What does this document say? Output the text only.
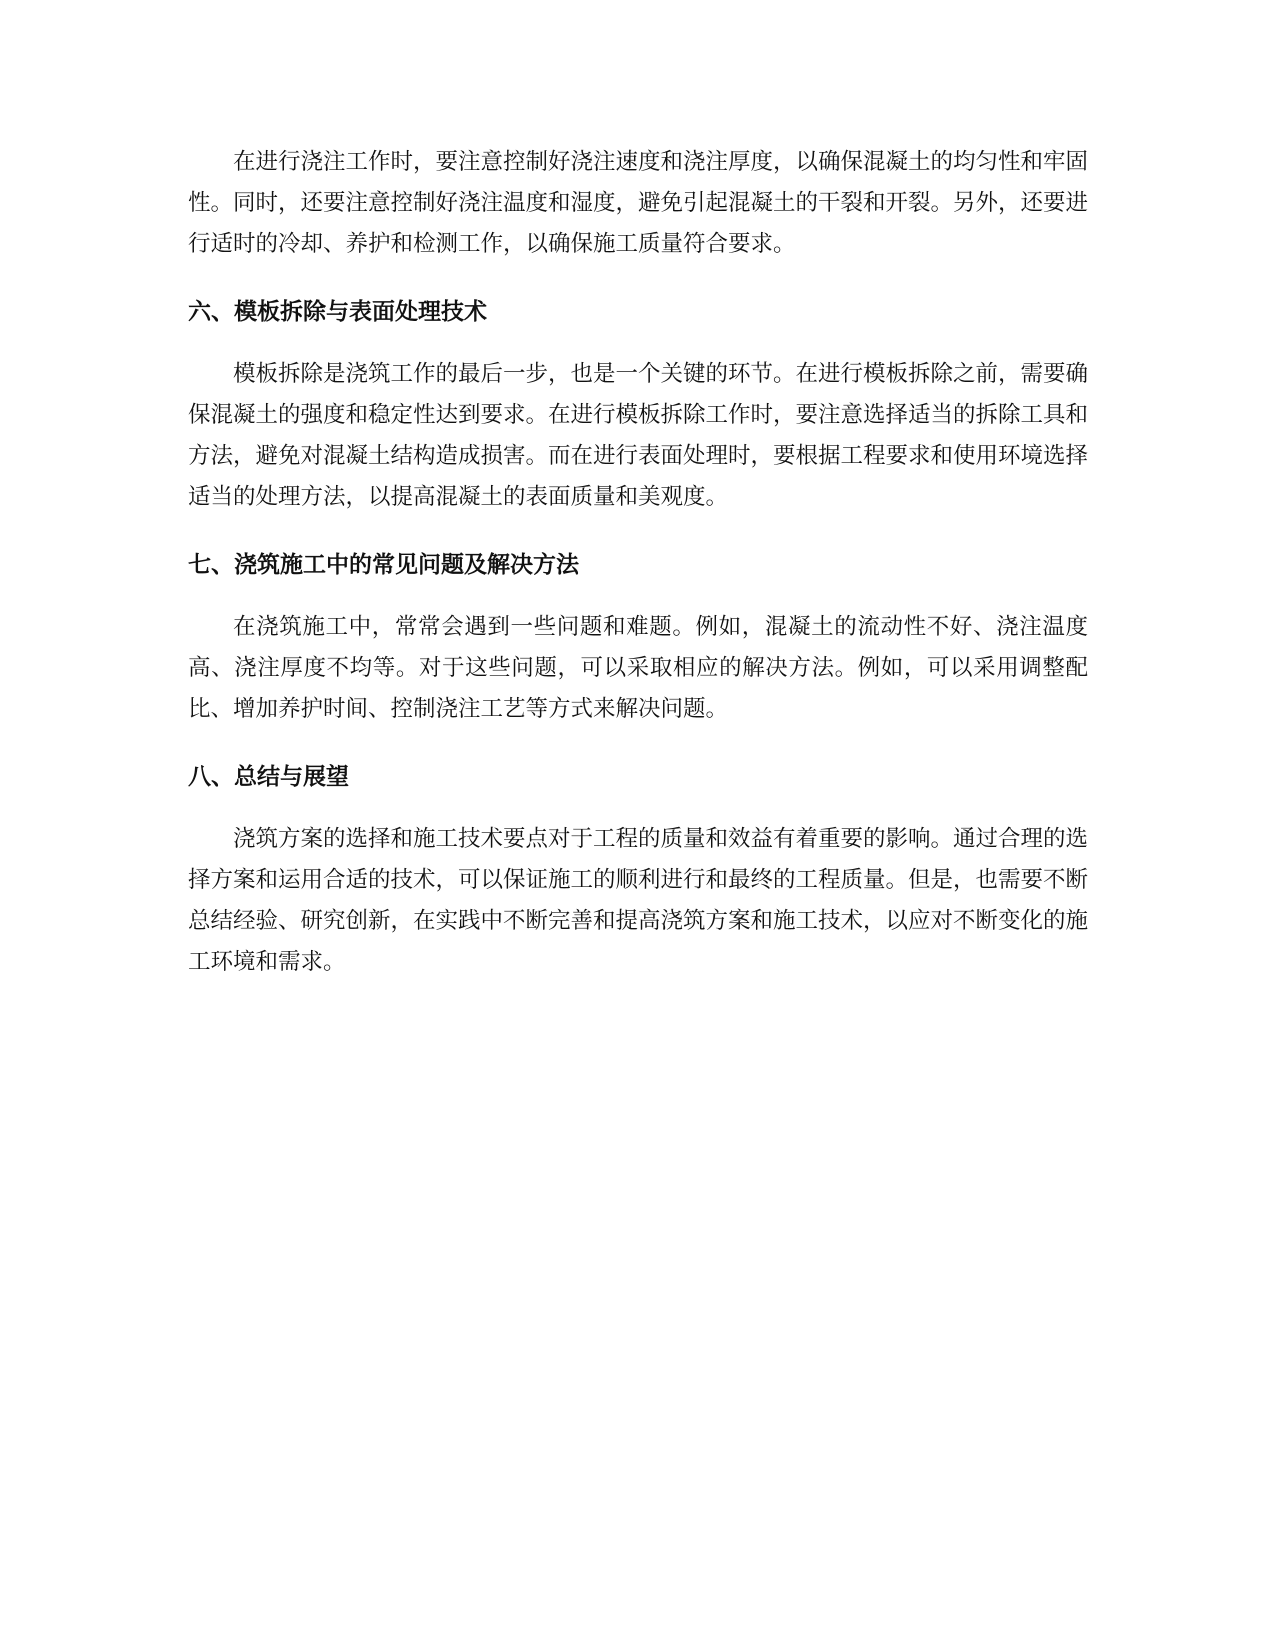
在进行浇注工作时，要注意控制好浇注速度和浇注厚度，以确保混凝土的均匀性和牢固性。同时，还要注意控制好浇注温度和湿度，避免引起混凝土的干裂和开裂。另外，还要进行适时的冷却、养护和检测工作，以确保施工质量符合要求。

六、模板拆除与表面处理技术

模板拆除是浇筑工作的最后一步，也是一个关键的环节。在进行模板拆除之前，需要确保混凝土的强度和稳定性达到要求。在进行模板拆除工作时，要注意选择适当的拆除工具和方法，避免对混凝土结构造成损害。而在进行表面处理时，要根据工程要求和使用环境选择适当的处理方法，以提高混凝土的表面质量和美观度。

七、浇筑施工中的常见问题及解决方法

在浇筑施工中，常常会遇到一些问题和难题。例如，混凝土的流动性不好、浇注温度高、浇注厚度不均等。对于这些问题，可以采取相应的解决方法。例如，可以采用调整配比、增加养护时间、控制浇注工艺等方式来解决问题。

八、总结与展望

浇筑方案的选择和施工技术要点对于工程的质量和效益有着重要的影响。通过合理的选择方案和运用合适的技术，可以保证施工的顺利进行和最终的工程质量。但是，也需要不断总结经验、研究创新，在实践中不断完善和提高浇筑方案和施工技术，以应对不断变化的施工环境和需求。
